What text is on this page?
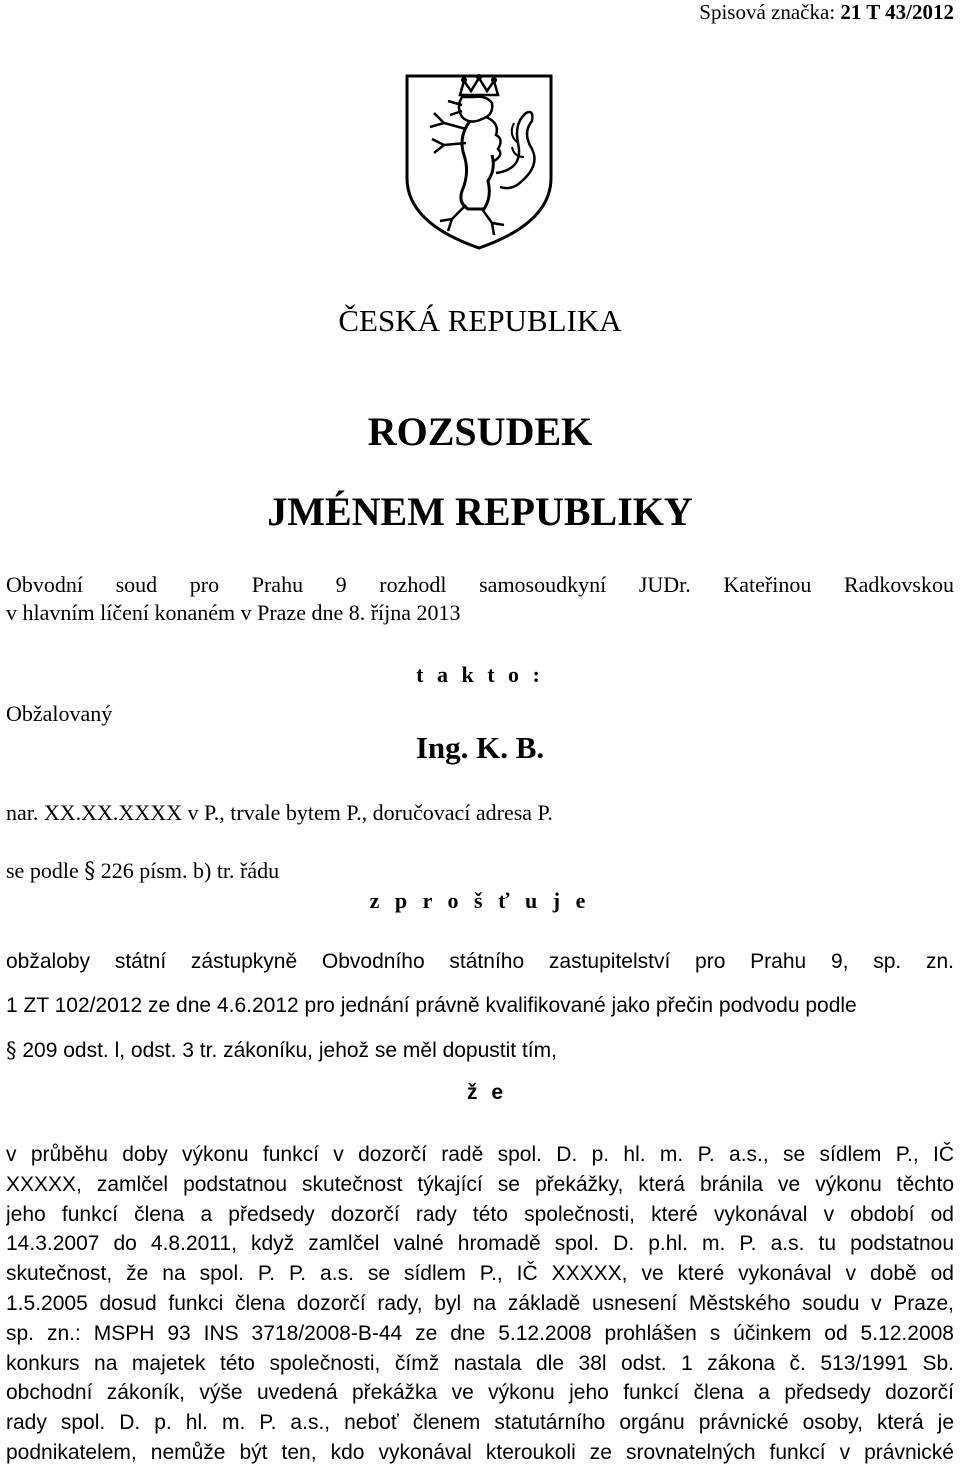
Spisová značka: 21 T 43/2012
ČESKÁ REPUBLIKA
ROZSUDEK
JMÉNEM REPUBLIKY
Obvodní soud pro Prahu 9 rozhodl samosoudkyní JUDr. Kateřinou Radkovskou
v hlavním líčení konaném v Praze dne 8. října 2013
t a k t o :
Obžalovaný
Ing. K. B.
nar. XX.XX.XXXX v P., trvale bytem P., doručovací adresa P.
se podle § 226 písm. b) tr. řádu
z p r o š ť u j e
obžaloby státní zástupkyně Obvodního státního zastupitelství pro Prahu 9, sp. zn.
1 ZT 102/2012 ze dne 4.6.2012 pro jednání právně kvalifikované jako přečin podvodu podle
§ 209 odst. l, odst. 3 tr. zákoníku, jehož se měl dopustit tím,
ž e
v průběhu doby výkonu funkcí v dozorčí radě spol. D. p. hl. m. P. a.s., se sídlem P., IČ
XXXXX, zamlčel podstatnou skutečnost týkající se překážky, která bránila ve výkonu těchto
jeho funkcí člena a předsedy dozorčí rady této společnosti, které vykonával v období od
14.3.2007 do 4.8.2011, když zamlčel valné hromadě spol. D. p.hl. m. P. a.s. tu podstatnou
skutečnost, že na spol. P. P. a.s. se sídlem P., IČ XXXXX, ve které vykonával v době od
1.5.2005 dosud funkci člena dozorčí rady, byl na základě usnesení Městského soudu v Praze,
sp. zn.: MSPH 93 INS 3718/2008-B-44 ze dne 5.12.2008 prohlášen s účinkem od 5.12.2008
konkurs na majetek této společnosti, čímž nastala dle 38l odst. 1 zákona č. 513/1991 Sb.
obchodní zákoník, výše uvedená překážka ve výkonu jeho funkcí člena a předsedy dozorčí
rady spol. D. p. hl. m. P. a.s., neboť členem statutárního orgánu právnické osoby, která je
podnikatelem, nemůže být ten, kdo vykonával kteroukoli ze srovnatelných funkcí v právnické
